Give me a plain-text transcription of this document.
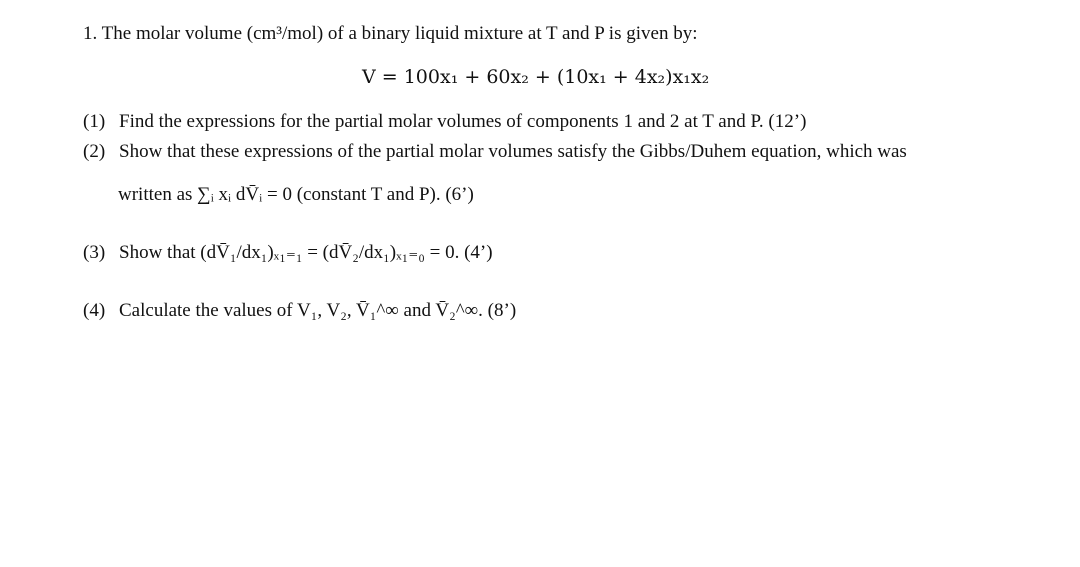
1. The molar volume (cm³/mol) of a binary liquid mixture at T and P is given by:
V = 100x₁ + 60x₂ + (10x₁ + 4x₂)x₁x₂
(1) Find the expressions for the partial molar volumes of components 1 and 2 at T and P. (12’)
(2) Show that these expressions of the partial molar volumes satisfy the Gibbs/Duhem equation, which was
written as ∑ᵢ xᵢ dV̄ᵢ = 0 (constant T and P). (6’)
(3) Show that (dV̄₁/dx₁)ₓ₁₌₁ = (dV̄₂/dx₁)ₓ₁₌₀ = 0. (4’)
(4) Calculate the values of V₁, V₂, V̄₁^∞ and V̄₂^∞. (8’)
